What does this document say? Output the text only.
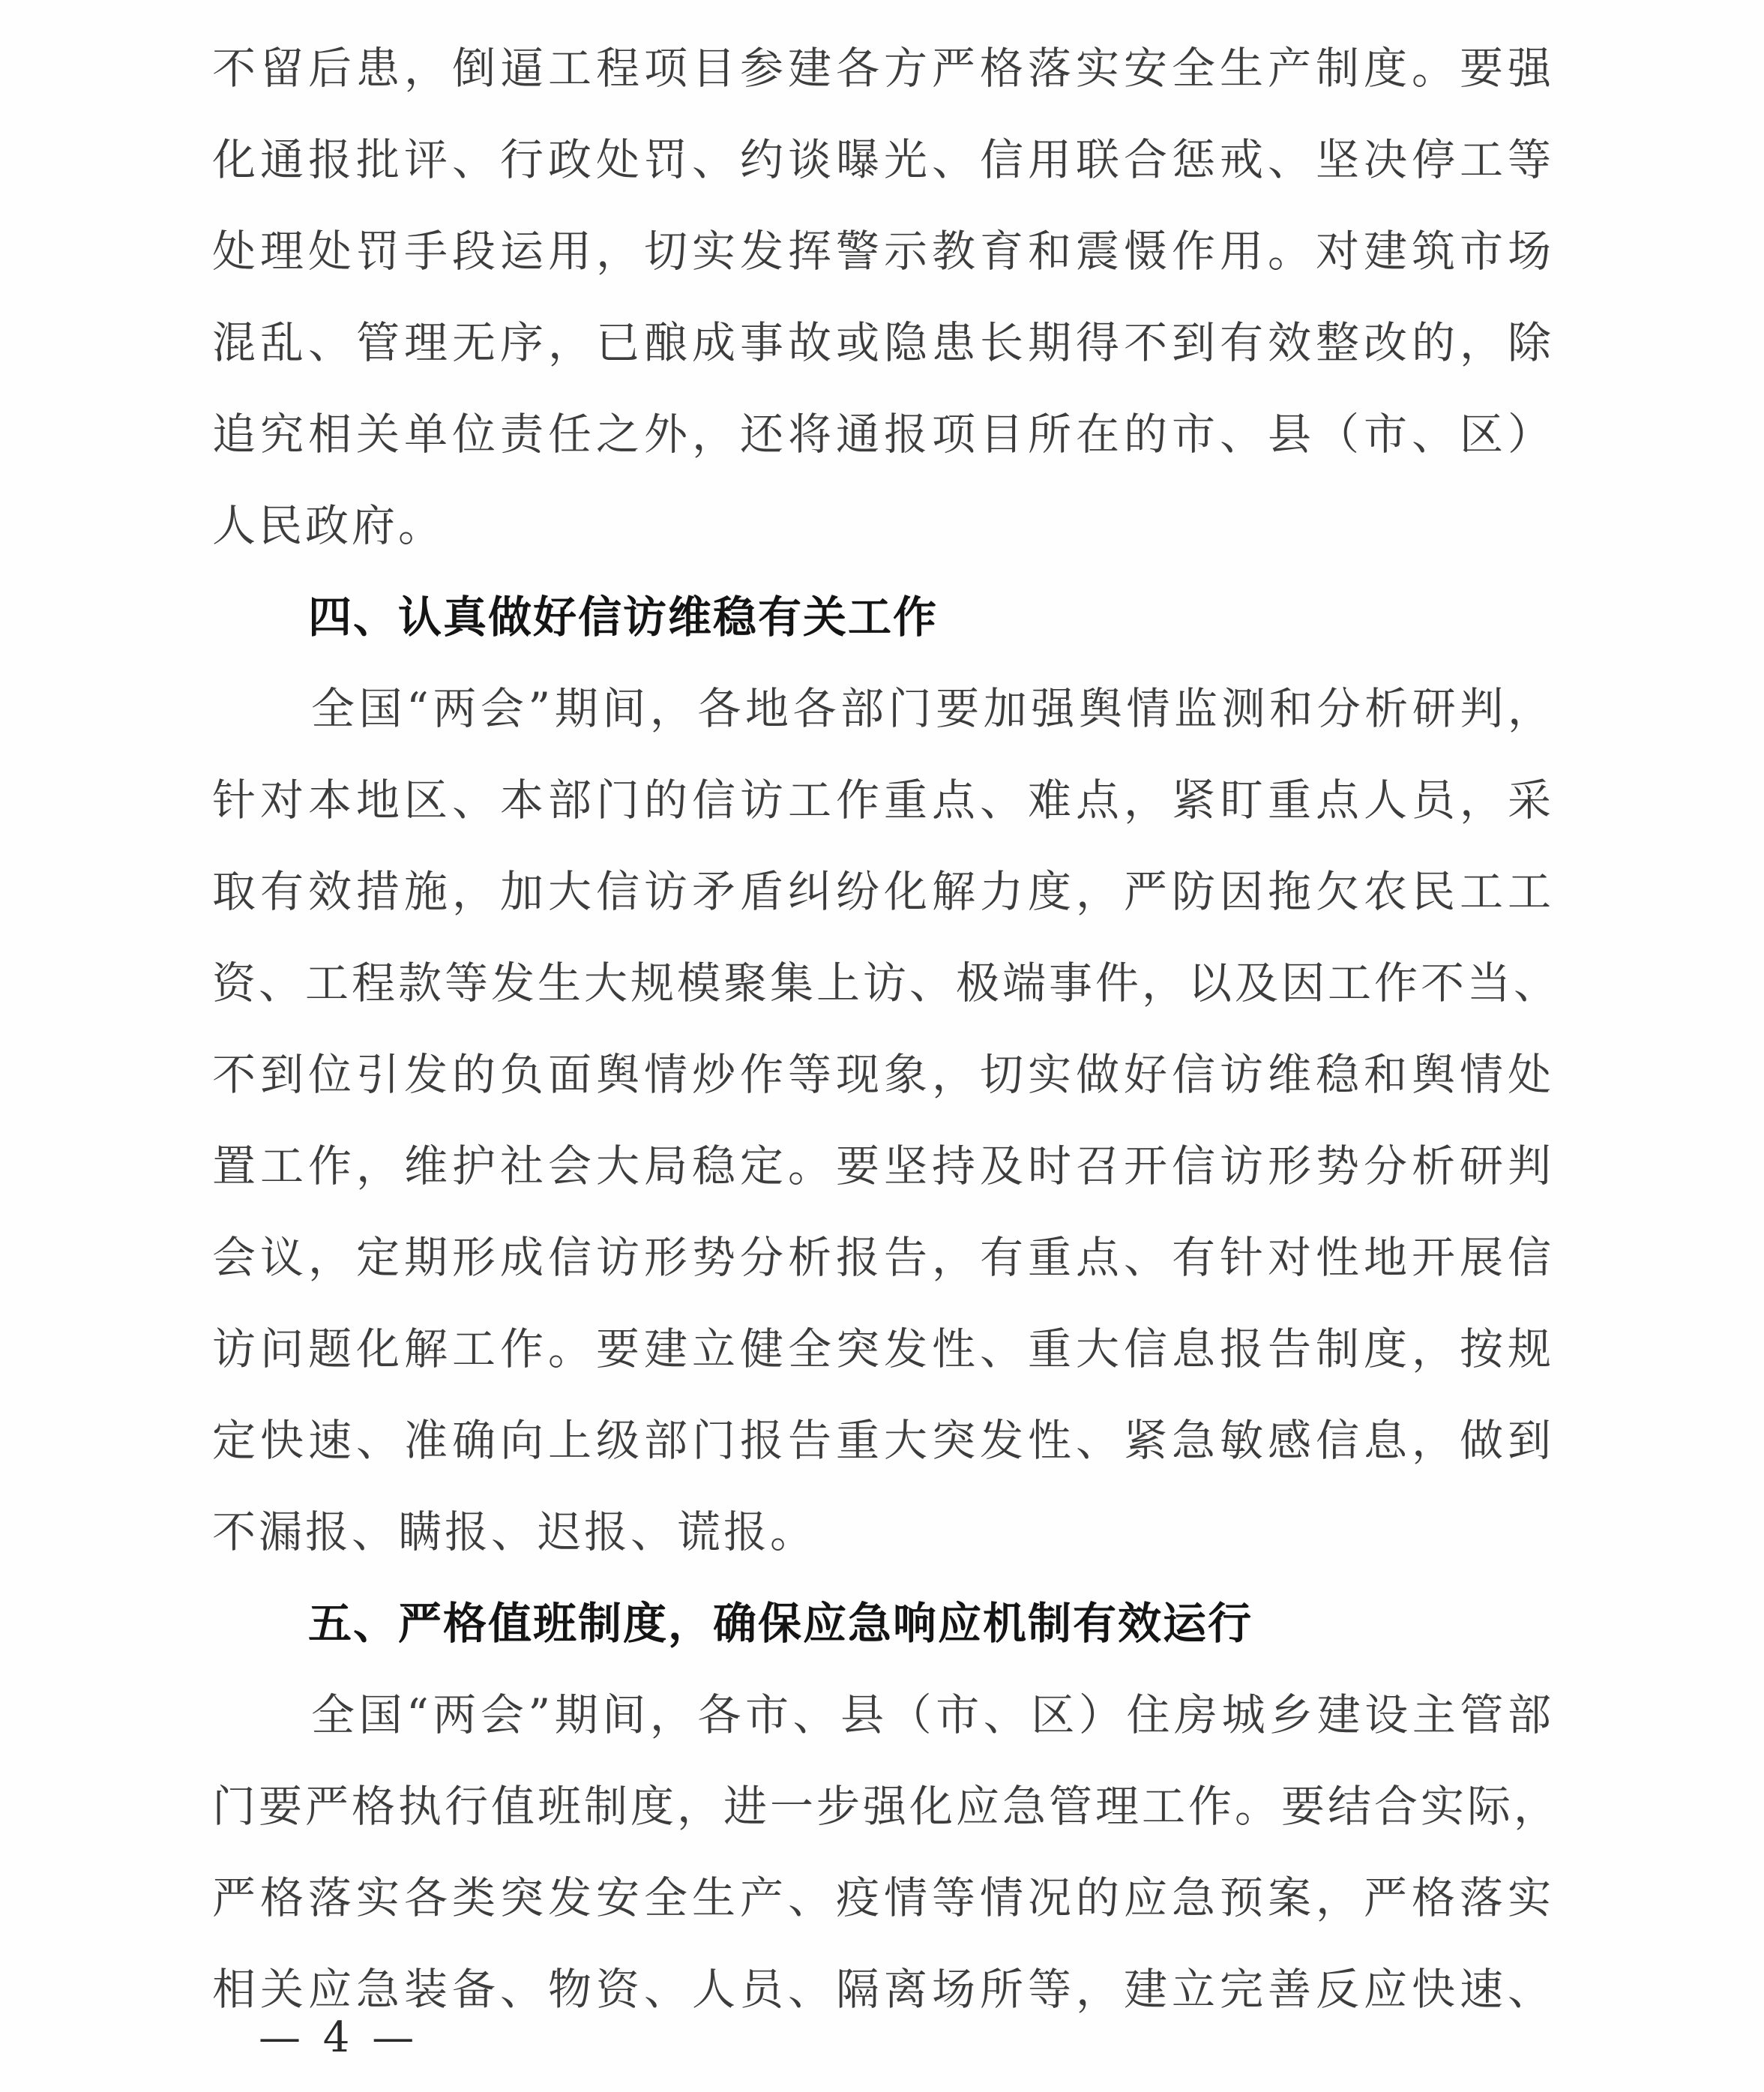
不留后患，倒逼工程项目参建各方严格落实安全生产制度。要强
化通报批评、行政处罚、约谈曝光、信用联合惩戒、坚决停工等
处理处罚手段运用，切实发挥警示教育和震慑作用。对建筑市场
混乱、管理无序，已酿成事故或隐患长期得不到有效整改的，除
追究相关单位责任之外，还将通报项目所在的市、县（市、区）
人民政府。
四、认真做好信访维稳有关工作
全国“两会”期间，各地各部门要加强舆情监测和分析研判，
针对本地区、本部门的信访工作重点、难点，紧盯重点人员，采
取有效措施，加大信访矛盾纠纷化解力度，严防因拖欠农民工工
资、工程款等发生大规模聚集上访、极端事件，以及因工作不当、
不到位引发的负面舆情炒作等现象，切实做好信访维稳和舆情处
置工作，维护社会大局稳定。要坚持及时召开信访形势分析研判
会议，定期形成信访形势分析报告，有重点、有针对性地开展信
访问题化解工作。要建立健全突发性、重大信息报告制度，按规
定快速、准确向上级部门报告重大突发性、紧急敏感信息，做到
不漏报、瞒报、迟报、谎报。
五、严格值班制度，确保应急响应机制有效运行
全国“两会”期间，各市、县（市、区）住房城乡建设主管部
门要严格执行值班制度，进一步强化应急管理工作。要结合实际，
严格落实各类突发安全生产、疫情等情况的应急预案，严格落实
相关应急装备、物资、人员、隔离场所等，建立完善反应快速、
— 4 —
